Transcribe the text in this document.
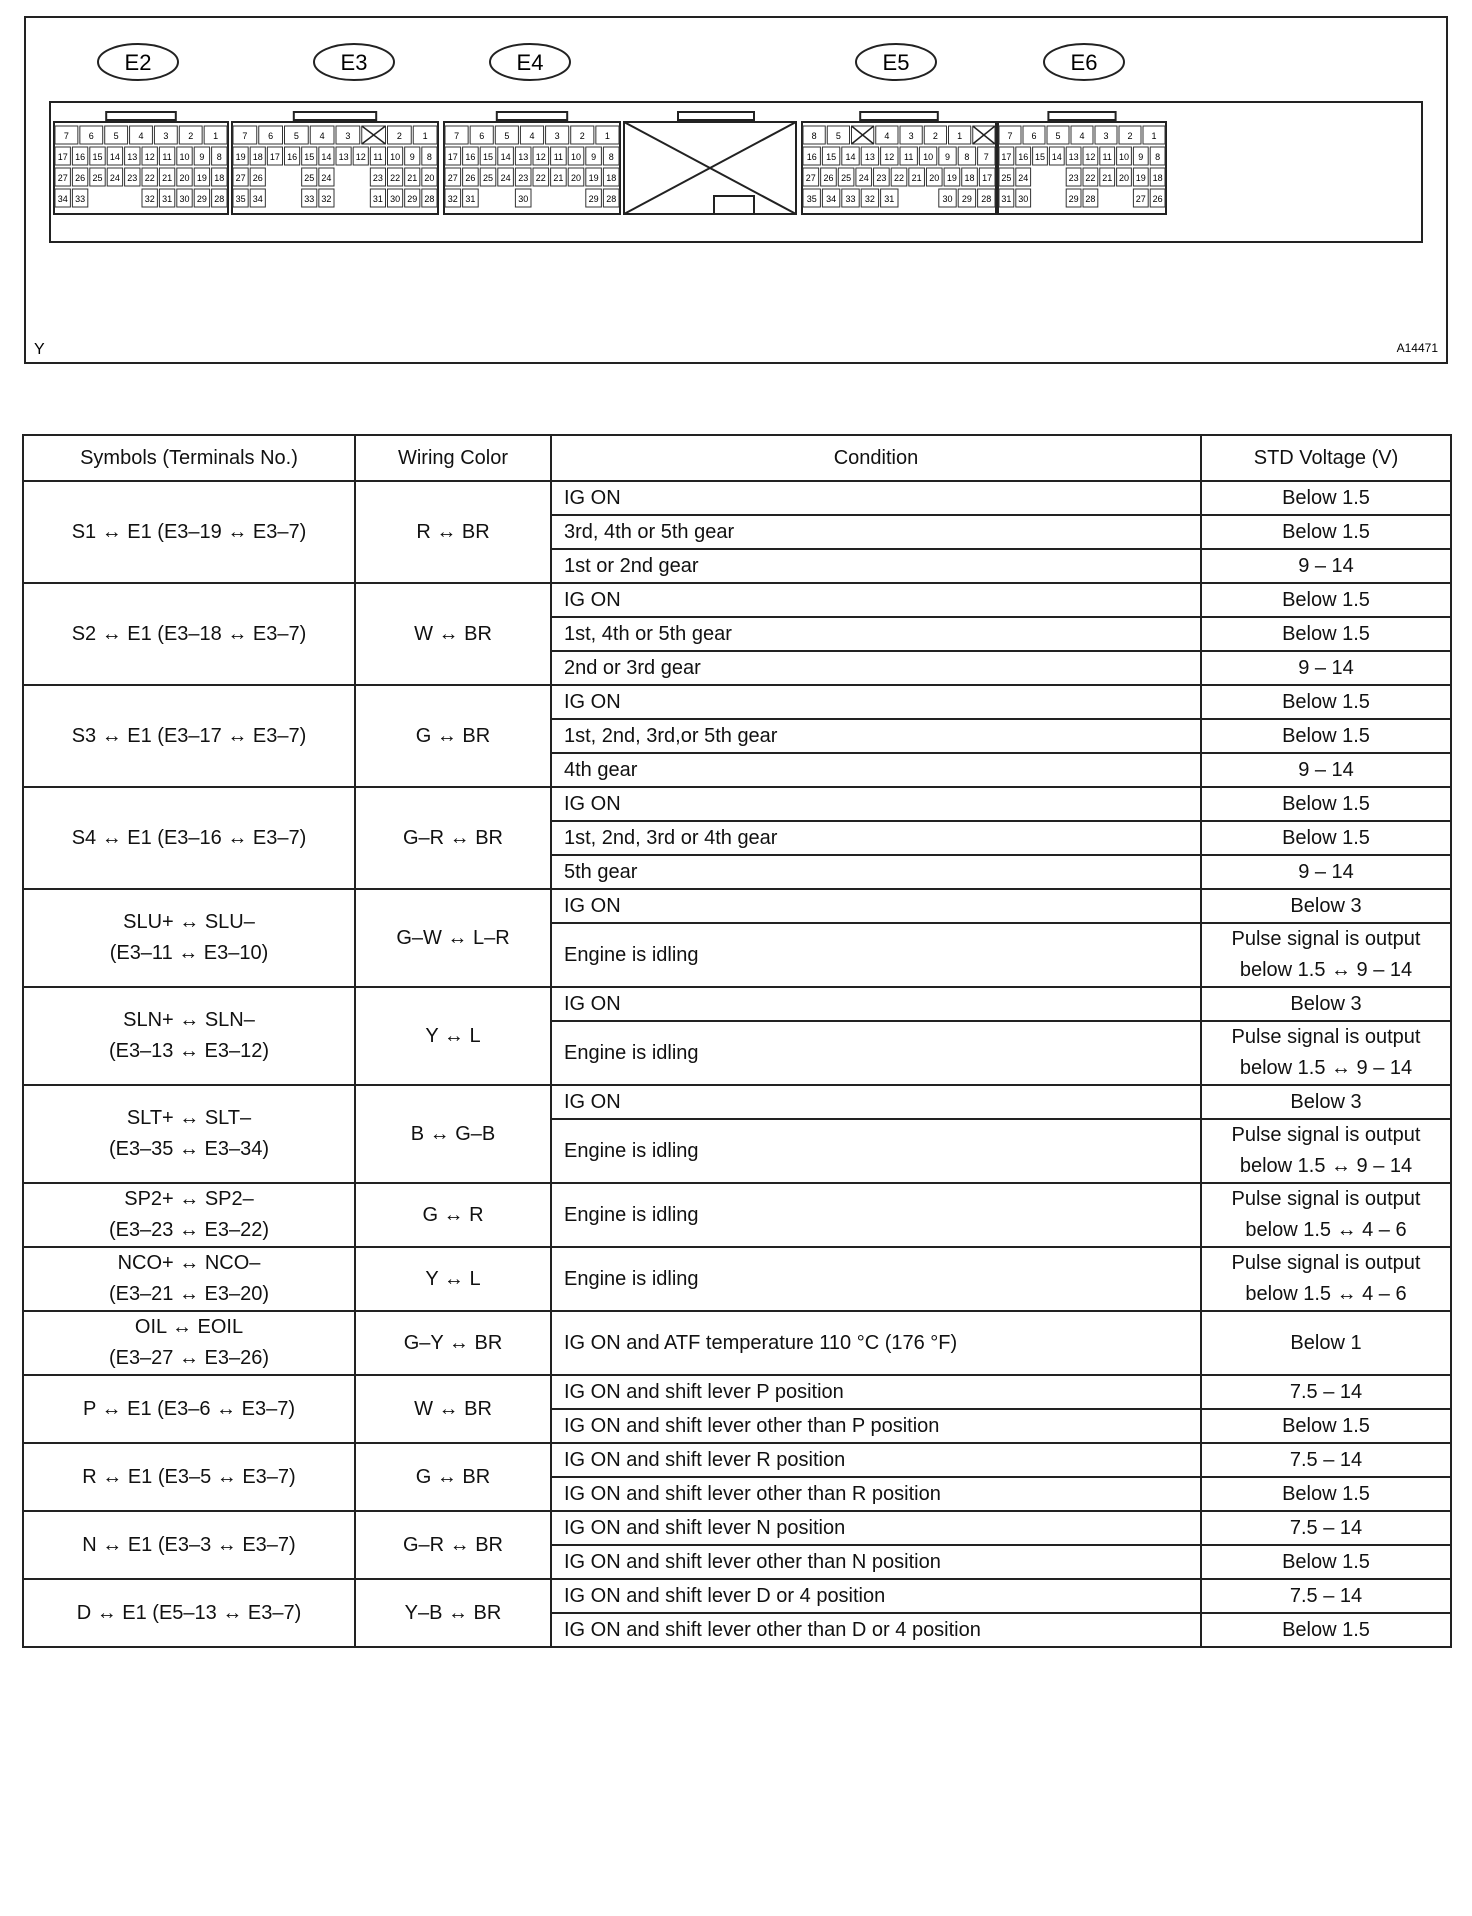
E2	E3	E4	E5	E6
7 6 5 4 3 2 1
17 16 15 14 13 12 11 10 9 8
27 26 25 24 23 22 21 20 19 18
34 33	32 31 30 29 28
7 6 5 4 3	2 1
19 18 17 16 15 14 13 12 11 10 9 8
27 26	25 24	23 22 21 20
35 34	33 32	31 30 29 28
7 6 5 4 3 2 1
17 16 15 14 13 12 11 10 9 8
27 26 25 24 23 22 21 20 19 18
32 31	30	29 28
8 5	4 3 2 1
16 15 14 13 12 11 10 9 8 7
27 26 25 24 23 22 21 20 19 18 17
35 34 33 32 31	30 29 28
7 6 5 4 3 2 1
17 16 15 14 13 12 11 10 9 8
25 24	23 22 21 20 19 18
31 30	29 28	27 26
Y	A14471
Symbols (Terminals No.)	Wiring Color	Condition	STD Voltage (V)

S1 ↔ E1 (E3–19 ↔ E3–7)	R ↔ BR	IG ON	Below 1.5

		3rd, 4th or 5th gear	Below 1.5

		1st or 2nd gear	9 – 14

S2 ↔ E1 (E3–18 ↔ E3–7)	W ↔ BR	IG ON	Below 1.5

		1st, 4th or 5th gear	Below 1.5

		2nd or 3rd gear	9 – 14

S3 ↔ E1 (E3–17 ↔ E3–7)	G ↔ BR	IG ON	Below 1.5

		1st, 2nd, 3rd,or 5th gear	Below 1.5

		4th gear	9 – 14

S4 ↔ E1 (E3–16 ↔ E3–7)	G–R ↔ BR	IG ON	Below 1.5

		1st, 2nd, 3rd or 4th gear	Below 1.5

		5th gear	9 – 14

SLU+ ↔ SLU–
(E3–11 ↔ E3–10)	G–W ↔ L–R	IG ON	Below 3

		Engine is idling	Pulse signal is output
below 1.5 ↔ 9 – 14

SLN+ ↔ SLN–
(E3–13 ↔ E3–12)	Y ↔ L	IG ON	Below 3

		Engine is idling	Pulse signal is output
below 1.5 ↔ 9 – 14

SLT+ ↔ SLT–
(E3–35 ↔ E3–34)	B ↔ G–B	IG ON	Below 3

		Engine is idling	Pulse signal is output
below 1.5 ↔ 9 – 14

SP2+ ↔ SP2–
(E3–23 ↔ E3–22)	G ↔ R	Engine is idling	Pulse signal is output
below 1.5 ↔ 4 – 6

NCO+ ↔ NCO–
(E3–21 ↔ E3–20)	Y ↔ L	Engine is idling	Pulse signal is output
below 1.5 ↔ 4 – 6

OIL ↔ EOIL
(E3–27 ↔ E3–26)	G–Y ↔ BR	IG ON and ATF temperature 110 °C (176 °F)	Below 1

P ↔ E1 (E3–6 ↔ E3–7)	W ↔ BR	IG ON and shift lever P position	7.5 – 14

		IG ON and shift lever other than P position	Below 1.5

R ↔ E1 (E3–5 ↔ E3–7)	G ↔ BR	IG ON and shift lever R position	7.5 – 14

		IG ON and shift lever other than R position	Below 1.5

N ↔ E1 (E3–3 ↔ E3–7)	G–R ↔ BR	IG ON and shift lever N position	7.5 – 14

		IG ON and shift lever other than N position	Below 1.5

D ↔ E1 (E5–13 ↔ E3–7)	Y–B ↔ BR	IG ON and shift lever D or 4 position	7.5 – 14

		IG ON and shift lever other than D or 4 position	Below 1.5
